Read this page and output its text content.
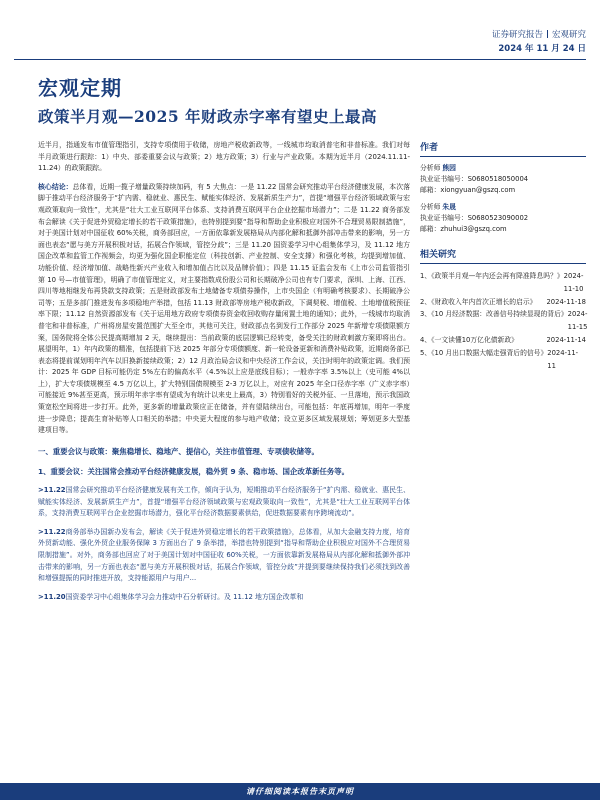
证券研究报告 宏观研究
2024 年 11 月 24 日
宏观定期
政策半月观—2025 年财政赤字率有望史上最高

近半月，指通发布市值管理指引，支持专项债用于收储，房地产税收新政等，一线城市均取消普宅和非普标准。我们对每半月政策进行跟踪：1）中央、部委重要会议与政策；2）地方政策；3）行业与产业政策。本期为近半月（2024.11.11-11.24）的政策跟踪。

核心结论：总体看，近期一揽子增量政策持续加码，有 5 大焦点：一是 11.22 国常会研究推动平台经济健康发展，本次落脚于推动平台经济服务于“扩内需、稳就业、惠民生、赋能实体经济、发展新质生产力”，首提“增强平台经济领域政策与宏观政策取向一致性”，尤其是“壮大工业互联网平台体系、支持消费互联网平台企业挖掘市场潜力”；二是 11.22 商务部发布会解读《关于促进外贸稳定增长的若干政策措施》，也特别提到要“指导和帮助企业积极应对国外不合理贸易限制措施”，对于美国计划对中国征收 60%关税，商务部回应，一方面依靠新发展格局从内部化解和抵御外部冲击带来的影响，另一方面也表态“愿与美方开展积极对话，拓展合作领域，管控分歧”；三是 11.20 国资委学习中心组集体学习，及 11.12 地方国企改革和监管工作视频会，均更为强化国企职能定位（科技创新、产业控制、安全支撑）和强化考核，均提到增加值、功能价值、经济增加值、战略性新兴产业收入和增加值占比以及品牌价值）；四是 11.15 证监会发布《上市公司监管指引第 10 号—市值管理》，明确了市值管理定义，对主要指数成份股公司和长期破净公司也有专门要求，深圳、上海、江西、四川等地相继发布再贷款支持政策；五是财政部发布土地储备专项债券操作，上市央国企（有明确考核要求）、长期破净公司等；五是多部门推进发布多项稳地产举措，包括 11.13 财政部等房地产税收新政，下调契税、增值税、土地增值税预征率下限；11.12 自然资源部发布《关于运用地方政府专项债券资金收回收购存量闲置土地的通知》；此外，一线城市均取消普宅和非普标准，广州将房屋安置范围扩大至全市，其他可关注，财政部点名到发行工作部分 2025 年新增专项债限额方案，国务院将全体公民提高期增加 2 天，继续提出：当前政策的底层逻辑已经转变，备受关注的财政刺激方案即将出台。展望明年，1）年内政策的精准，包括提前下达 2025 年部分专项债额度、新一轮设备更新和消费补贴政策，近期商务部已表态将提前谋划明年汽车以旧换新接续政策；2）12 月政治局会议和中央经济工作会议，关注时明年的政策定调。我们预计：2025 年 GDP 目标可能仍定 5%左右的偏高水平（4.5%以上应是底线目标）；一般赤字率 3.5%以上（史可能 4%以上），扩大专项债规模至 4.5 万亿以上，扩大特别国债规模至 2-3 万亿以上，对应有 2025 年全口径赤字率（广义赤字率）可能接近 9%甚至更高，预示明年赤字率有望成为有统计以来史上最高，3）特别看好的关税外征、一旦落地，预示我国政策宽松空间将进一步打开。此外，更多新的增量政策应正在储备，并有望陆续出台，可能包括：年底再增加，明年一季度进一步降息；提高生育补贴等人口相关的举措；中央更大程度的参与地产收储；设立更多区域发展规划；筹划更多大型基建项目等。

一、重要会议与政策：聚焦稳增长、稳地产、提信心，关注市值管理、专项债收储等。
1、重要会议：关注国常会推动平台经济健康发展，稳外贸 9 条、稳市场、国企改革新任务等。

>11.22国常会研究推动平台经济健康发展有关工作，倾向于认为，短期推动平台经济服务于“扩内需、稳就业、惠民生、赋能实体经济、发展新质生产力”，首提“增强平台经济领域政策与宏观政策取向一致性”，尤其是“壮大工业互联网平台体系，支持消费互联网平台企业挖掘市场潜力，强化平台经济数据要素供给，促进数据要素有序跨境流动”。

>11.22商务部举办国新办发布会，解读《关于促进外贸稳定增长的若干政策措施》，总体看，从加大金融支持力度，培育外贸新动能、强化外贸企业服务保障 3 方面出台了 9 条举措，举措也特别提到“指导和帮助企业积极应对国外不合理贸易限制措施”。对外，商务部也回应了对于美国计划对中国征收 60%关税，一方面依靠新发展格局从内部化解和抵御外部冲击带来的影响，另一方面也表态“愿与美方开展积极对话，拓展合作领域，管控分歧”并提到要继续保持我们必须找到改善和增强提振的同时推进开放，支持能源用户与用户...

>11.20国资委学习中心组集体学习会力推动中石分析研讨。及 11.12 地方国企改革和

作者
分析师 熊园
执业证书编号：S0680518050004
邮箱：xiongyuan@gszq.com
分析师 朱晟
执业证书编号：S0680523090002
邮箱：zhuhui3@gszq.com
相关研究
1、《政策半月观—年内还会再有降准降息吗？》 2024-11-10
2、《财政收入年内首次正增长的启示》 2024-11-18
3、《10 月经济数据：改善信号持续显现的背后》 2024-11-15
4、《一文读懂10万亿化债新政》	2024-11-14
5、《10 月出口数据大幅走强背后的信号》 2024-11-11
请仔细阅读本报告末页声明
